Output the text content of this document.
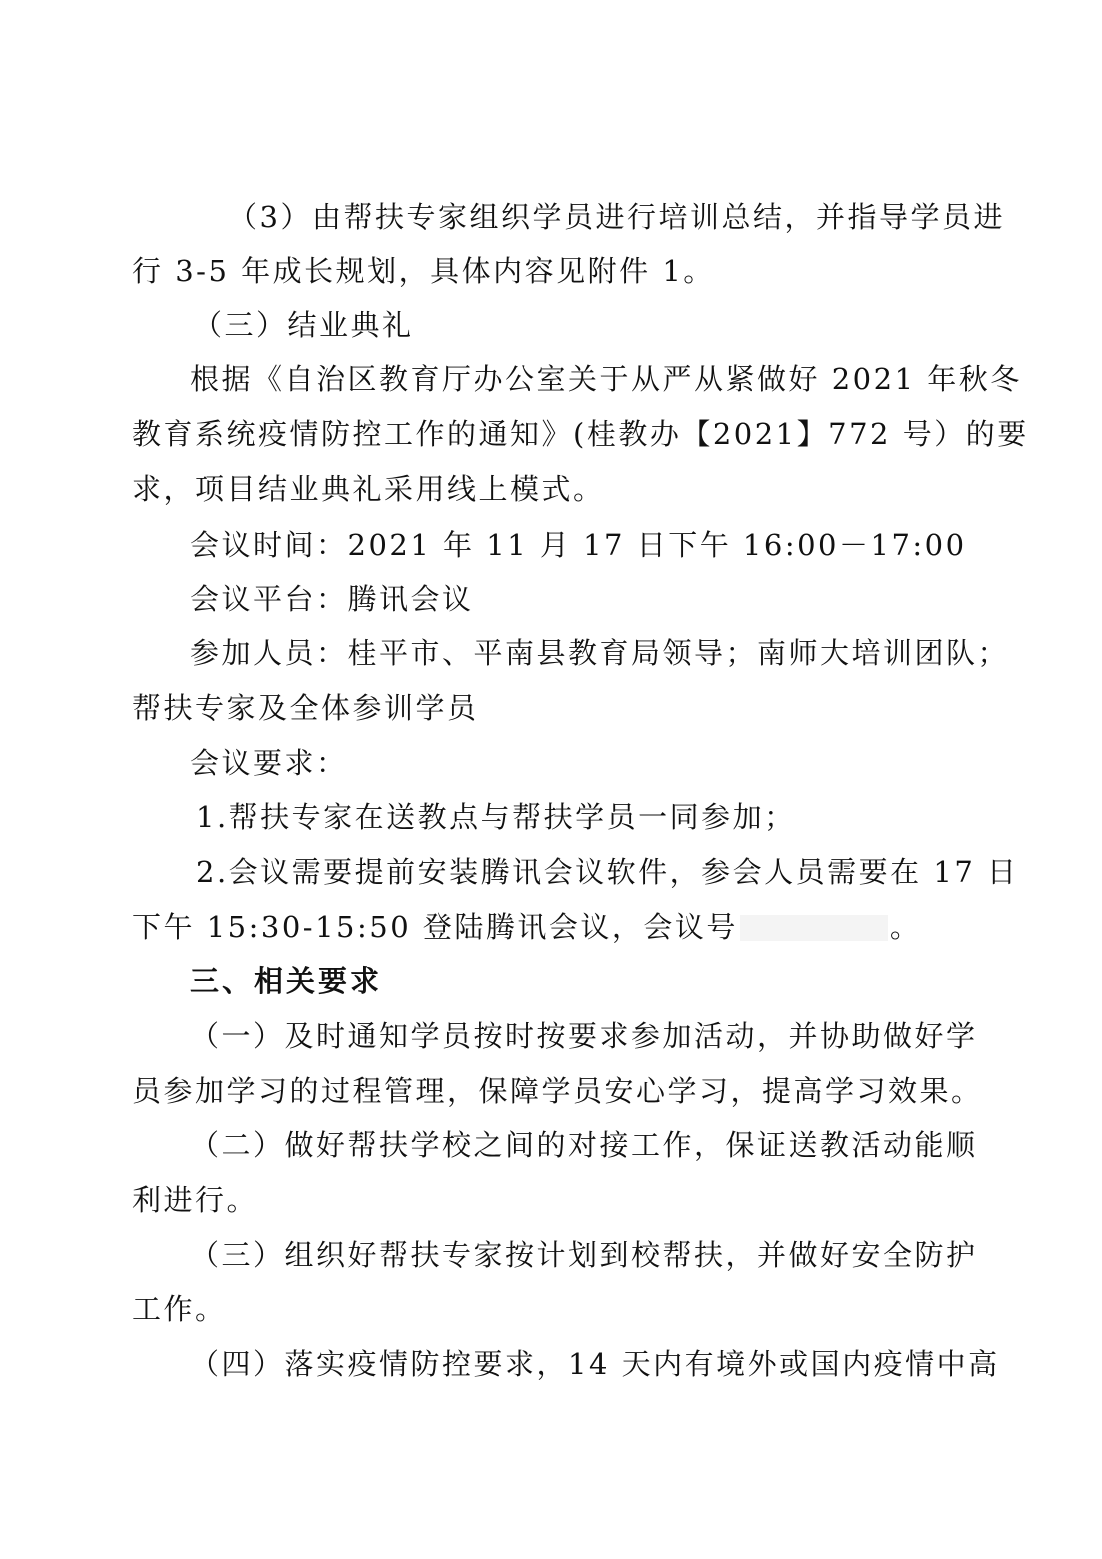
（3）由帮扶专家组织学员进行培训总结，并指导学员进
行 3-5 年成长规划，具体内容见附件 1。
（三）结业典礼
根据《自治区教育厅办公室关于从严从紧做好 2021 年秋冬
教育系统疫情防控工作的通知》(桂教办【2021】772 号）的要
求，项目结业典礼采用线上模式。
会议时间：2021 年 11 月 17 日下午 16:00－17:00
会议平台：腾讯会议
参加人员：桂平市、平南县教育局领导；南师大培训团队；
帮扶专家及全体参训学员
会议要求：
1.帮扶专家在送教点与帮扶学员一同参加；
2.会议需要提前安装腾讯会议软件，参会人员需要在 17 日
下午 15:30-15:50 登陆腾讯会议，会议号	。
三、相关要求
（一）及时通知学员按时按要求参加活动，并协助做好学
员参加学习的过程管理，保障学员安心学习，提高学习效果。
（二）做好帮扶学校之间的对接工作，保证送教活动能顺
利进行。
（三）组织好帮扶专家按计划到校帮扶，并做好安全防护
工作。
（四）落实疫情防控要求，14 天内有境外或国内疫情中高
